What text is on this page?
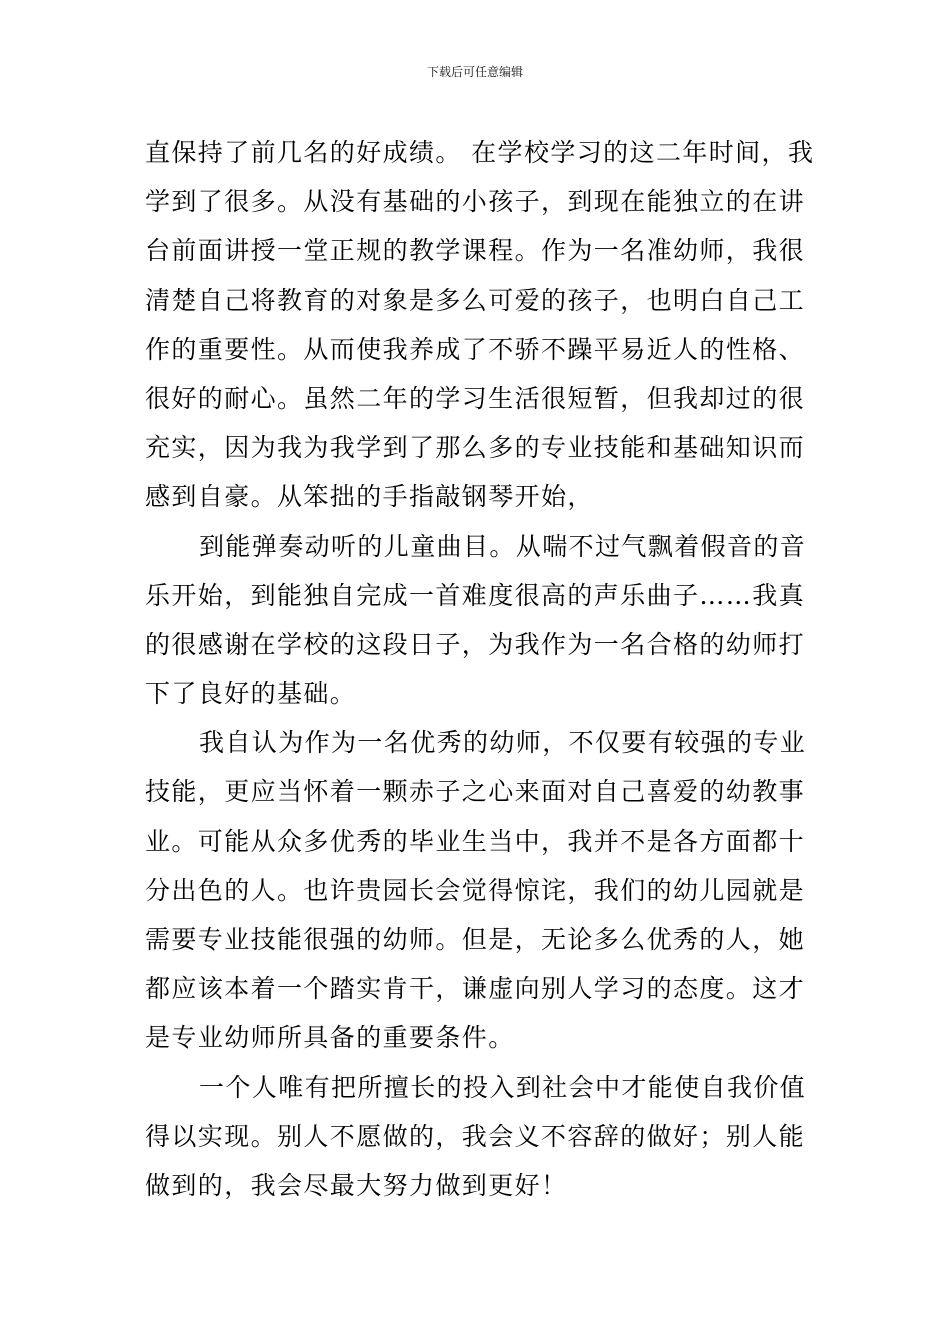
下载后可任意编辑
直保持了前几名的好成绩。 在学校学习的这二年时间，我
学到了很多。从没有基础的小孩子，到现在能独立的在讲
台前面讲授一堂正规的教学课程。作为一名准幼师，我很
清楚自己将教育的对象是多么可爱的孩子，也明白自己工
作的重要性。从而使我养成了不骄不躁平易近人的性格、
很好的耐心。虽然二年的学习生活很短暂，但我却过的很
充实，因为我为我学到了那么多的专业技能和基础知识而
感到自豪。从笨拙的手指敲钢琴开始，
到能弹奏动听的儿童曲目。从喘不过气飘着假音的音
乐开始，到能独自完成一首难度很高的声乐曲子……我真
的很感谢在学校的这段日子，为我作为一名合格的幼师打
下了良好的基础。
我自认为作为一名优秀的幼师，不仅要有较强的专业
技能，更应当怀着一颗赤子之心来面对自己喜爱的幼教事
业。可能从众多优秀的毕业生当中，我并不是各方面都十
分出色的人。也许贵园长会觉得惊诧，我们的幼儿园就是
需要专业技能很强的幼师。但是，无论多么优秀的人，她
都应该本着一个踏实肯干，谦虚向别人学习的态度。这才
是专业幼师所具备的重要条件。
一个人唯有把所擅长的投入到社会中才能使自我价值
得以实现。别人不愿做的，我会义不容辞的做好；别人能
做到的，我会尽最大努力做到更好！
